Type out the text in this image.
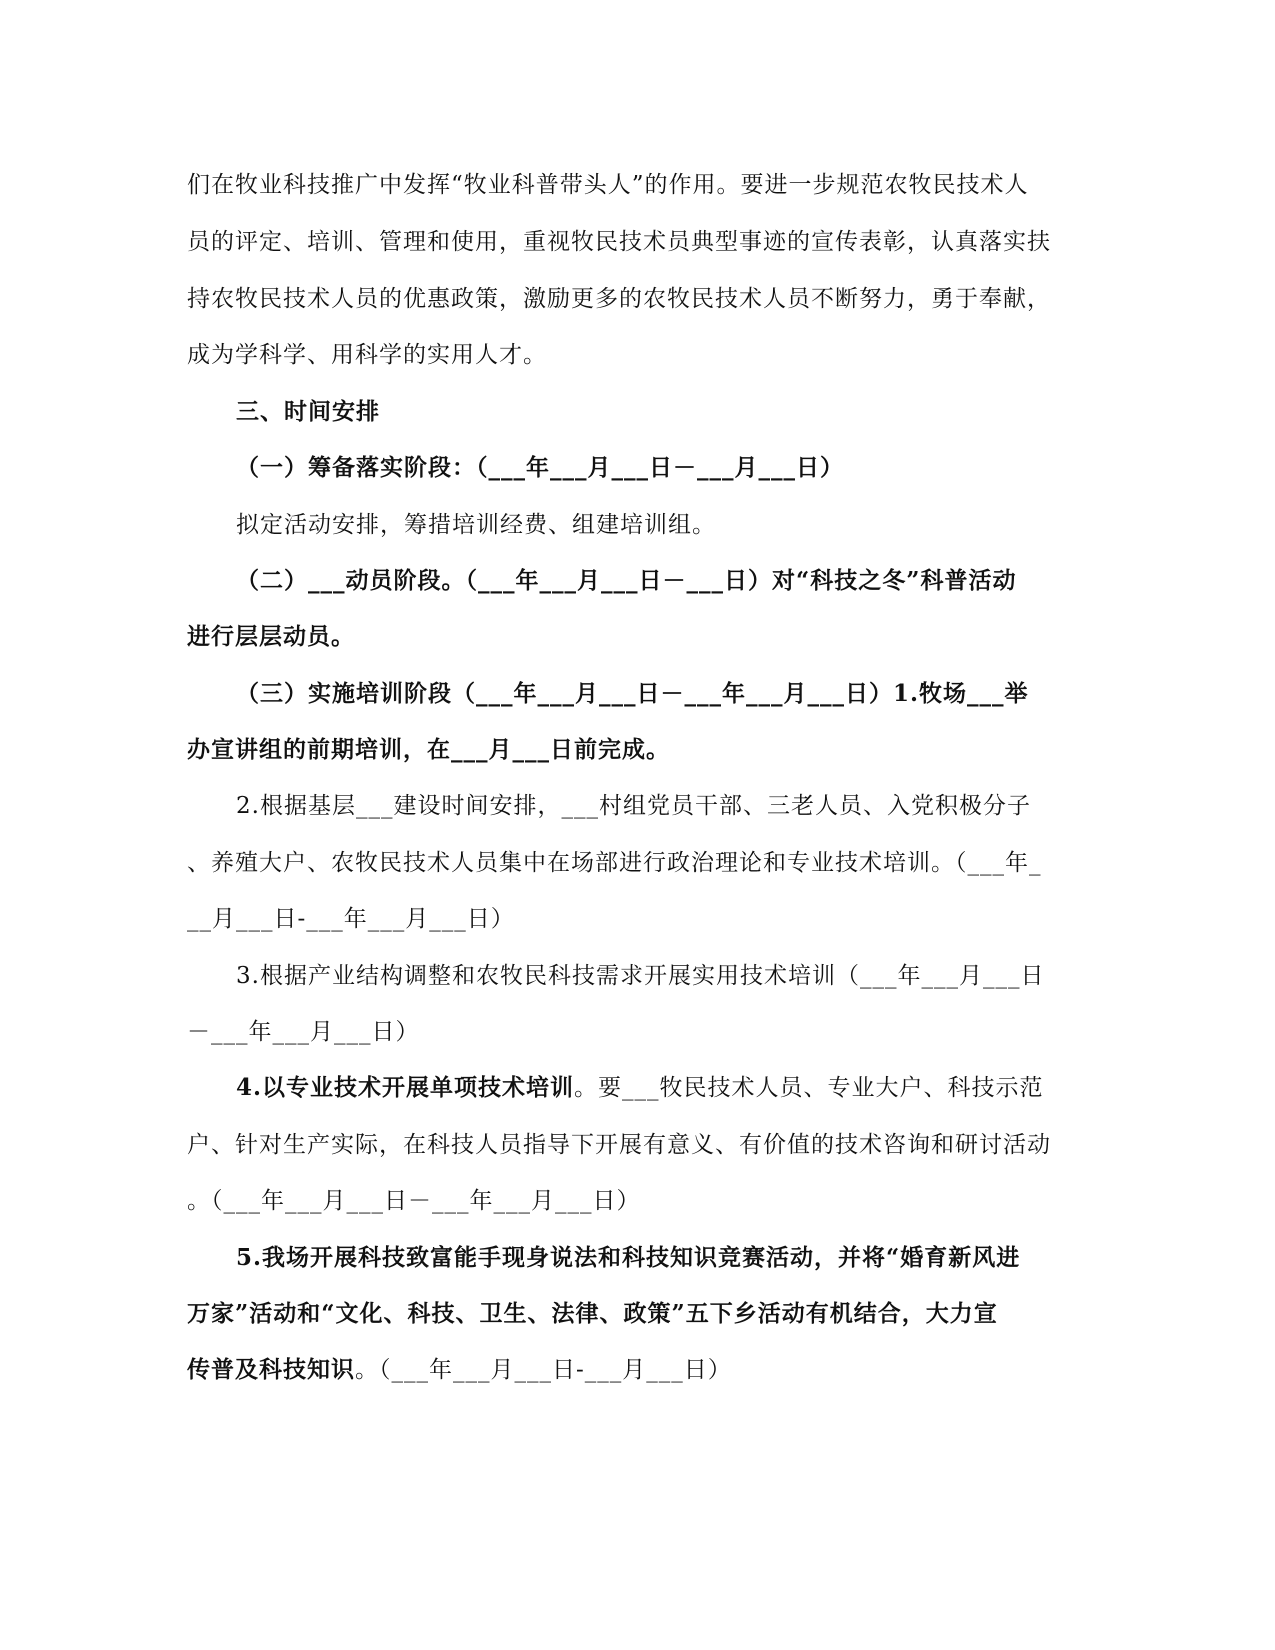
们在牧业科技推广中发挥“牧业科普带头人”的作用。要进一步规范农牧民技术人
员的评定、培训、管理和使用，重视牧民技术员典型事迹的宣传表彰，认真落实扶
持农牧民技术人员的优惠政策，激励更多的农牧民技术人员不断努力，勇于奉献，
成为学科学、用科学的实用人才。
三、时间安排
（一）筹备落实阶段：（___年___月___日－___月___日）
拟定活动安排，筹措培训经费、组建培训组。
（二）___动员阶段。（___年___月___日－___日）对“科技之冬”科普活动
进行层层动员。
（三）实施培训阶段（___年___月___日－___年___月___日）1.牧场___举
办宣讲组的前期培训，在___月___日前完成。
2.根据基层___建设时间安排，___村组党员干部、三老人员、入党积极分子
、养殖大户、农牧民技术人员集中在场部进行政治理论和专业技术培训。（___年_
__月___日-___年___月___日）
3.根据产业结构调整和农牧民科技需求开展实用技术培训（___年___月___日
－___年___月___日）
4.以专业技术开展单项技术培训。要___牧民技术人员、专业大户、科技示范
户、针对生产实际，在科技人员指导下开展有意义、有价值的技术咨询和研讨活动
。（___年___月___日－___年___月___日）
5.我场开展科技致富能手现身说法和科技知识竞赛活动，并将“婚育新风进
万家”活动和“文化、科技、卫生、法律、政策”五下乡活动有机结合，大力宣
传普及科技知识。（___年___月___日-___月___日）
